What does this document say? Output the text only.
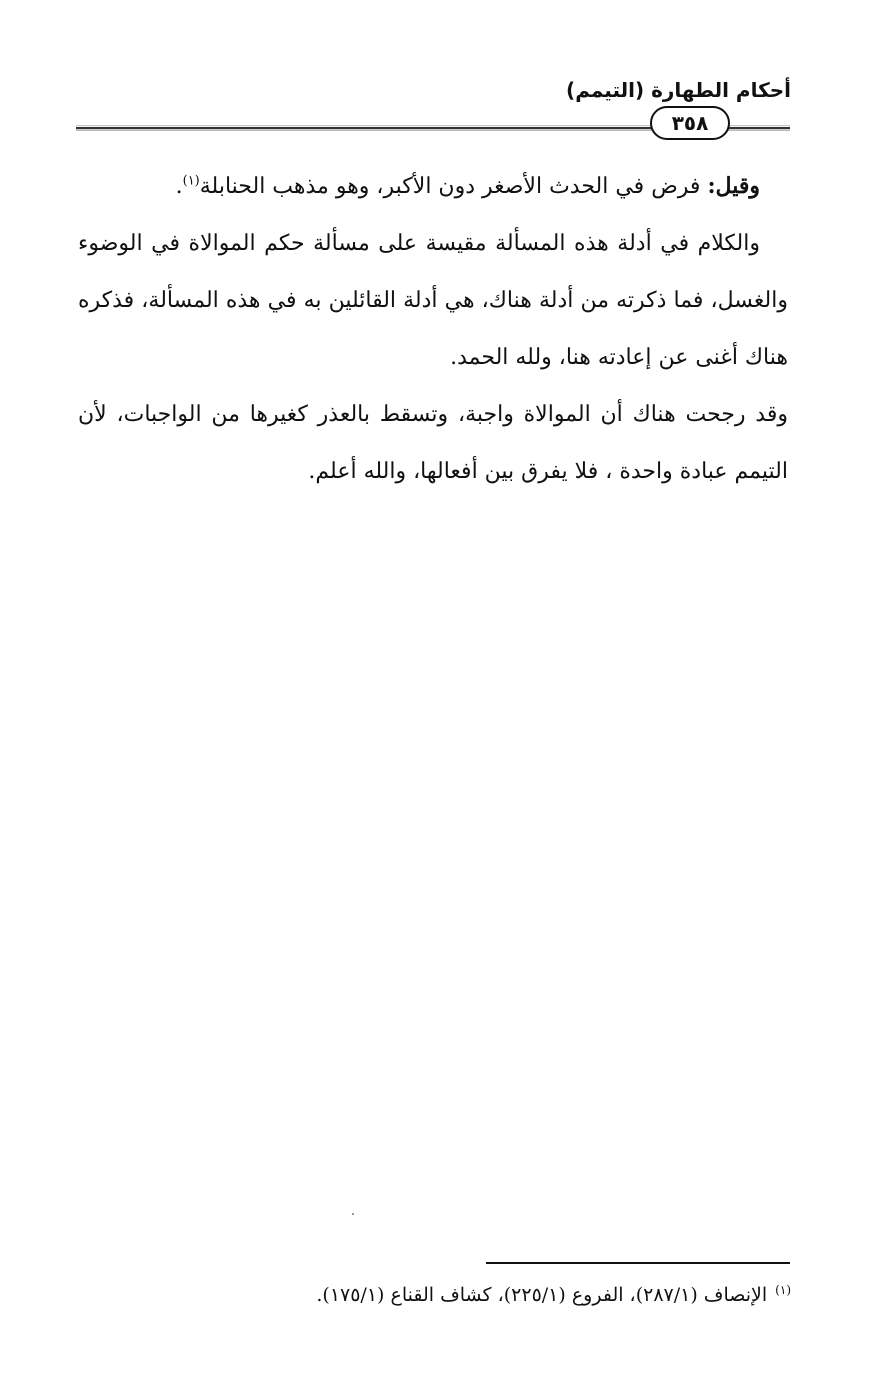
أحكام الطهارة (التيمم)
٣٥٨

وقيل: فرض في الحدث الأصغر دون الأكبر، وهو مذهب الحنابلة$^{(١)}$.

والكلام في أدلة هذه المسألة مقيسة على مسألة حكم الموالاة في الوضوء والغسل، فما ذكرته من أدلة هناك، هي أدلة القائلين به في هذه المسألة، فذكره هناك أغنى عن إعادته هنا، ولله الحمد.

وقد رجحت هناك أن الموالاة واجبة، وتسقط بالعذر كغيرها من الواجبات، لأن التيمم عبادة واحدة ، فلا يفرق بين أفعالها، والله أعلم.

$^{(١)}$الإنصاف (٢٨٧/١)، الفروع (٢٢٥/١)، كشاف القناع (١٧٥/١).
